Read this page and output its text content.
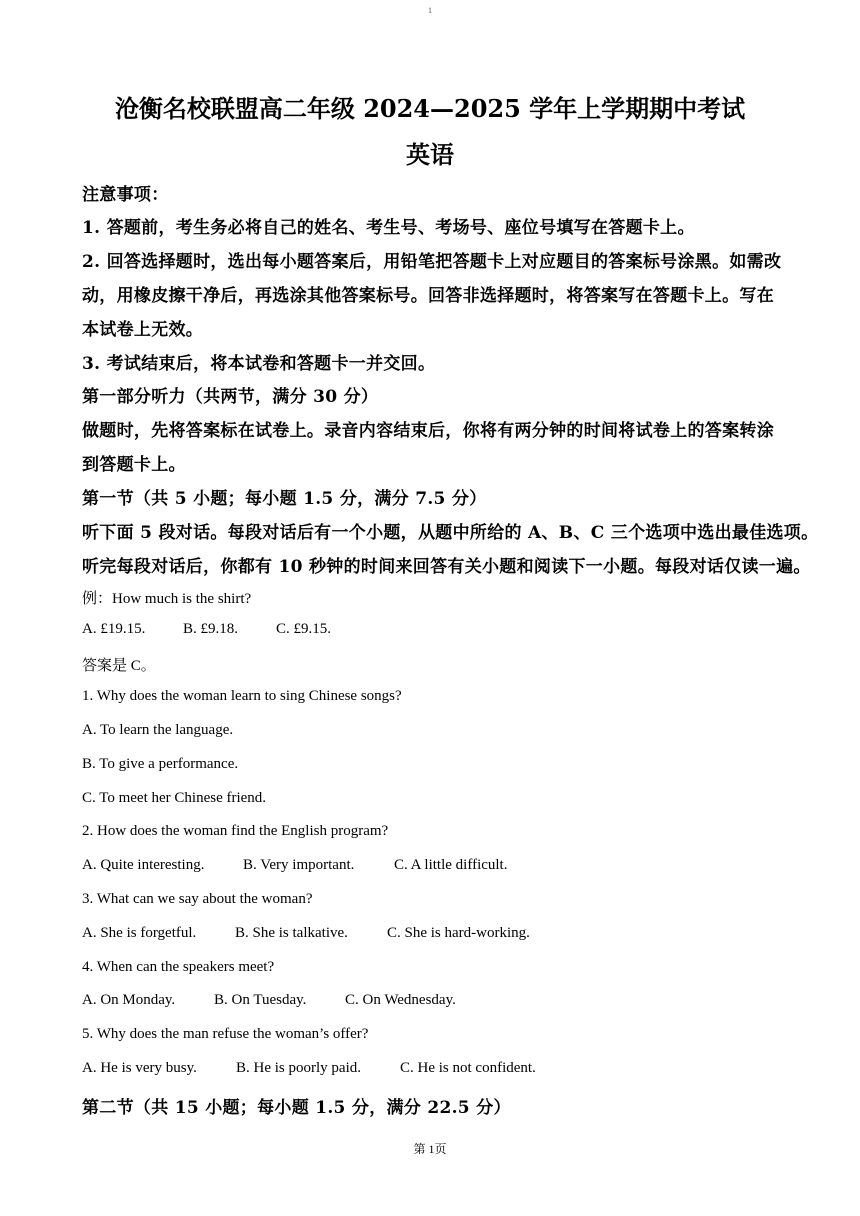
1
沧衡名校联盟高二年级 2024—2025 学年上学期期中考试
英语
注意事项：
1. 答题前，考生务必将自己的姓名、考生号、考场号、座位号填写在答题卡上。
2. 回答选择题时，选出每小题答案后，用铅笔把答题卡上对应题目的答案标号涂黑。如需改
动，用橡皮擦干净后，再选涂其他答案标号。回答非选择题时，将答案写在答题卡上。写在
本试卷上无效。
3. 考试结束后，将本试卷和答题卡一并交回。
第一部分听力（共两节，满分 30 分）
做题时，先将答案标在试卷上。录音内容结束后，你将有两分钟的时间将试卷上的答案转涂
到答题卡上。
第一节（共 5 小题；每小题 1.5 分，满分 7.5 分）
听下面 5 段对话。每段对话后有一个小题，从题中所给的 A、B、C 三个选项中选出最佳选项。
听完每段对话后，你都有 10 秒钟的时间来回答有关小题和阅读下一小题。每段对话仅读一遍。
例：How much is the shirt?
A. £19.15.	B. £9.18.	C. £9.15.
答案是 C。
1. Why does the woman learn to sing Chinese songs?
A. To learn the language.
B. To give a performance.
C. To meet her Chinese friend.
2. How does the woman find the English program?
A. Quite interesting.	B. Very important.	C. A little difficult.
3. What can we say about the woman?
A. She is forgetful.	B. She is talkative.	C. She is hard-working.
4. When can the speakers meet?
A. On Monday.	B. On Tuesday.	C. On Wednesday.
5. Why does the man refuse the woman’s offer?
A. He is very busy.	B. He is poorly paid.	C. He is not confident.
第二节（共 15 小题；每小题 1.5 分，满分 22.5 分）
第 1页
